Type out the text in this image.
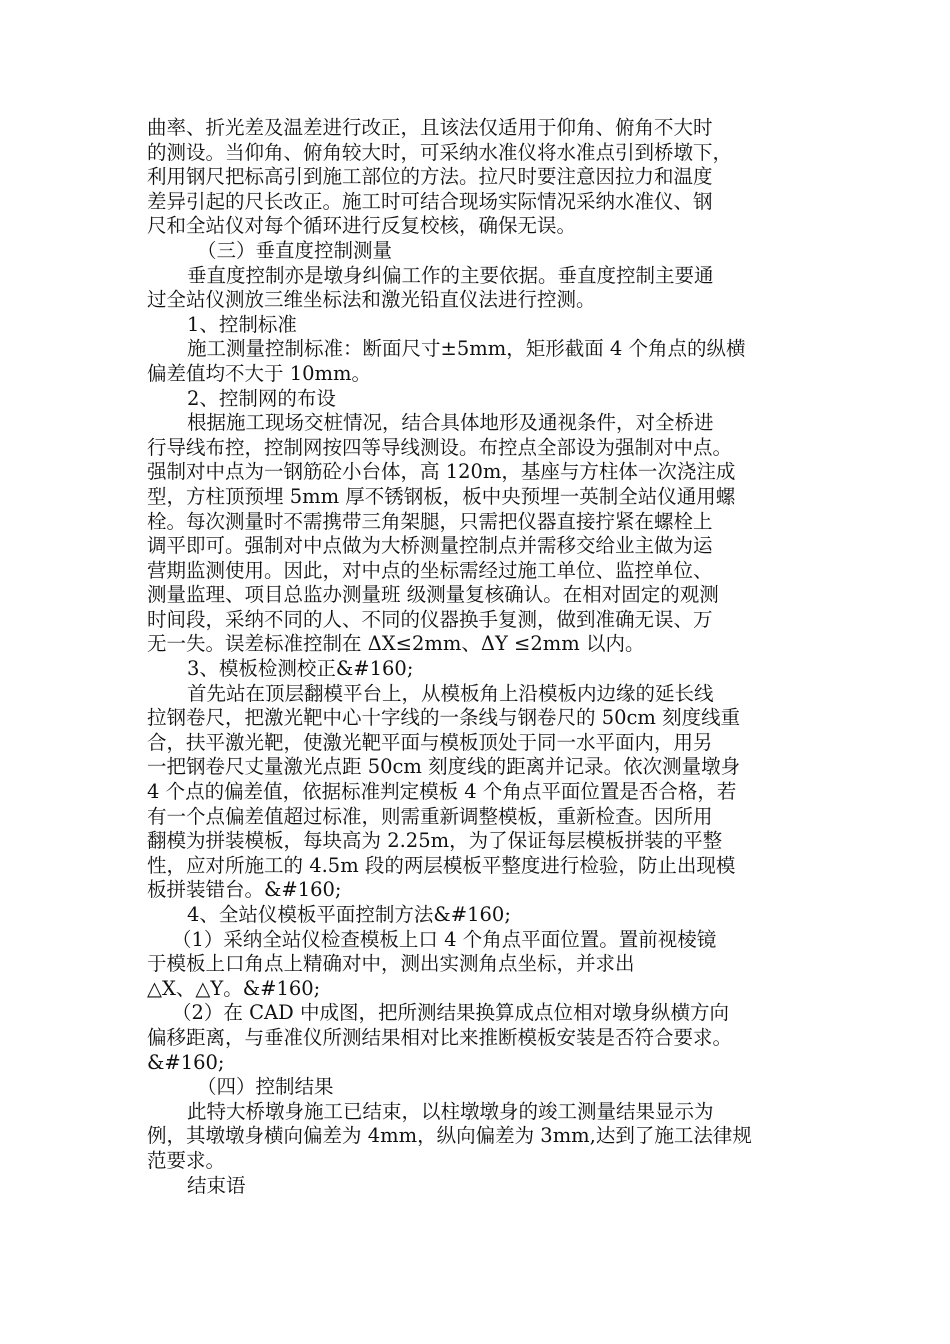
曲率、折光差及温差进行改正，且该法仅适用于仰角、俯角不大时
的测设。当仰角、俯角较大时，可采纳水准仪将水准点引到桥墩下，
利用钢尺把标高引到施工部位的方法。拉尺时要注意因拉力和温度
差异引起的尺长改正。施工时可结合现场实际情况采纳水准仪、钢
尺和全站仪对每个循环进行反复校核，确保无误。
（三）垂直度控制测量
垂直度控制亦是墩身纠偏工作的主要依据。垂直度控制主要通
过全站仪测放三维坐标法和激光铅直仪法进行控测。
1、控制标准
施工测量控制标准：断面尺寸±5mm，矩形截面 4 个角点的纵横
偏差值均不大于 10mm。
2、控制网的布设
根据施工现场交桩情况，结合具体地形及通视条件，对全桥进
行导线布控，控制网按四等导线测设。布控点全部设为强制对中点。
强制对中点为一钢筋砼小台体，高 120m，基座与方柱体一次浇注成
型，方柱顶预埋 5mm 厚不锈钢板，板中央预埋一英制全站仪通用螺
栓。每次测量时不需携带三角架腿，只需把仪器直接拧紧在螺栓上
调平即可。强制对中点做为大桥测量控制点并需移交给业主做为运
营期监测使用。因此，对中点的坐标需经过施工单位、监控单位、
测量监理、项目总监办测量班 级测量复核确认。在相对固定的观测
时间段，采纳不同的人、不同的仪器换手复测，做到准确无误、万
无一失。误差标准控制在 ΔX≤2mm、ΔY ≤2mm 以内。
3、模板检测校正&#160;
首先站在顶层翻模平台上，从模板角上沿模板内边缘的延长线
拉钢卷尺，把激光靶中心十字线的一条线与钢卷尺的 50cm 刻度线重
合，扶平激光靶，使激光靶平面与模板顶处于同一水平面内，用另
一把钢卷尺丈量激光点距 50cm 刻度线的距离并记录。依次测量墩身
4 个点的偏差值，依据标准判定模板 4 个角点平面位置是否合格，若
有一个点偏差值超过标准，则需重新调整模板，重新检查。因所用
翻模为拼装模板，每块高为 2.25m，为了保证每层模板拼装的平整
性，应对所施工的 4.5m 段的两层模板平整度进行检验，防止出现模
板拼装错台。&#160;
4、全站仪模板平面控制方法&#160;
（1）采纳全站仪检查模板上口 4 个角点平面位置。置前视棱镜
于模板上口角点上精确对中，测出实测角点坐标，并求出
△X、△Y。&#160;
（2）在 CAD 中成图，把所测结果换算成点位相对墩身纵横方向
偏移距离，与垂准仪所测结果相对比来推断模板安装是否符合要求。
&#160;
（四）控制结果
此特大桥墩身施工已结束，以柱墩墩身的竣工测量结果显示为
例，其墩墩身横向偏差为 4mm，纵向偏差为 3mm,达到了施工法律规
范要求。
结束语
